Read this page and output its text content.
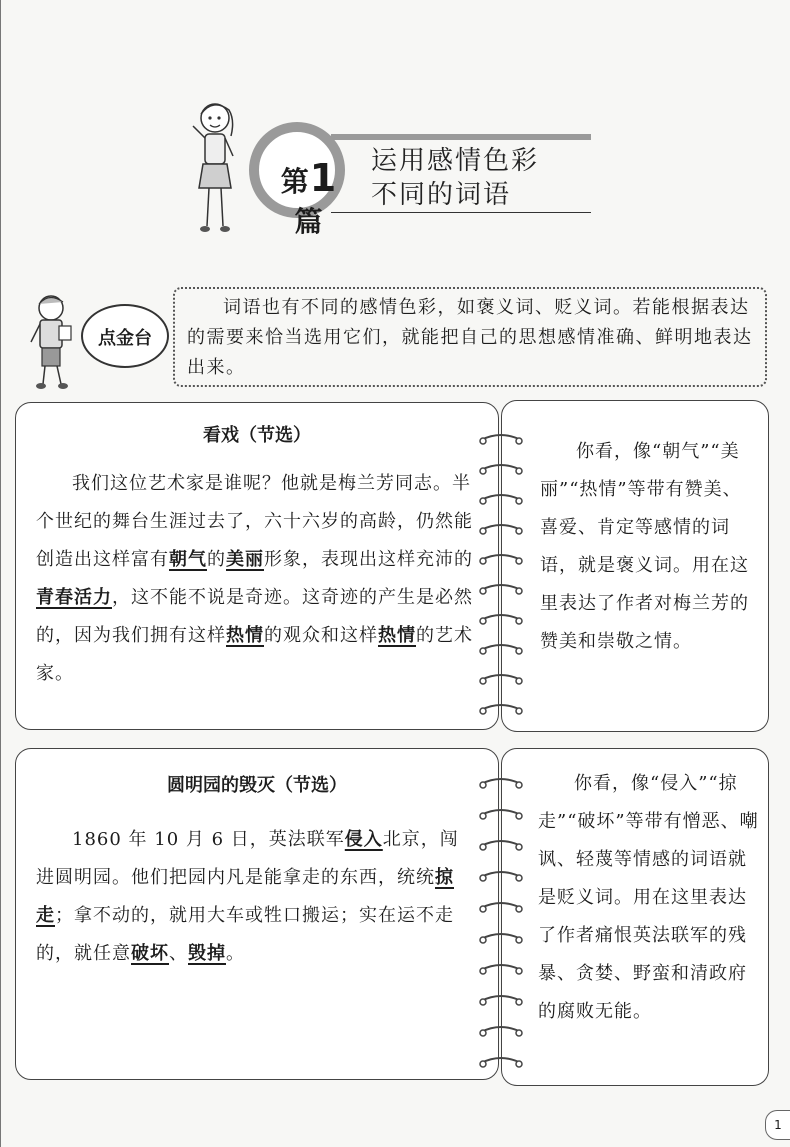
第1篇
运用感情色彩
不同的词语
点金台

词语也有不同的感情色彩，如褒义词、贬义词。若能根据表达的需要来恰当选用它们，就能把自己的思想感情准确、鲜明地表达出来。

看戏（节选）

我们这位艺术家是谁呢？他就是梅兰芳同志。半个世纪的舞台生涯过去了，六十六岁的高龄，仍然能创造出这样富有朝气的美丽形象，表现出这样充沛的青春活力，这不能不说是奇迹。这奇迹的产生是必然的，因为我们拥有这样热情的观众和这样热情的艺术家。

你看，像“朝气”“美丽”“热情”等带有赞美、喜爱、肯定等感情的词语，就是褒义词。用在这里表达了作者对梅兰芳的赞美和崇敬之情。

圆明园的毁灭（节选）

1860 年 10 月 6 日，英法联军侵入北京，闯进圆明园。他们把园内凡是能拿走的东西，统统掠走；拿不动的，就用大车或牲口搬运；实在运不走的，就任意破坏、毁掉。

你看，像“侵入”“掠走”“破坏”等带有憎恶、嘲讽、轻蔑等情感的词语就是贬义词。用在这里表达了作者痛恨英法联军的残暴、贪婪、野蛮和清政府的腐败无能。

1
